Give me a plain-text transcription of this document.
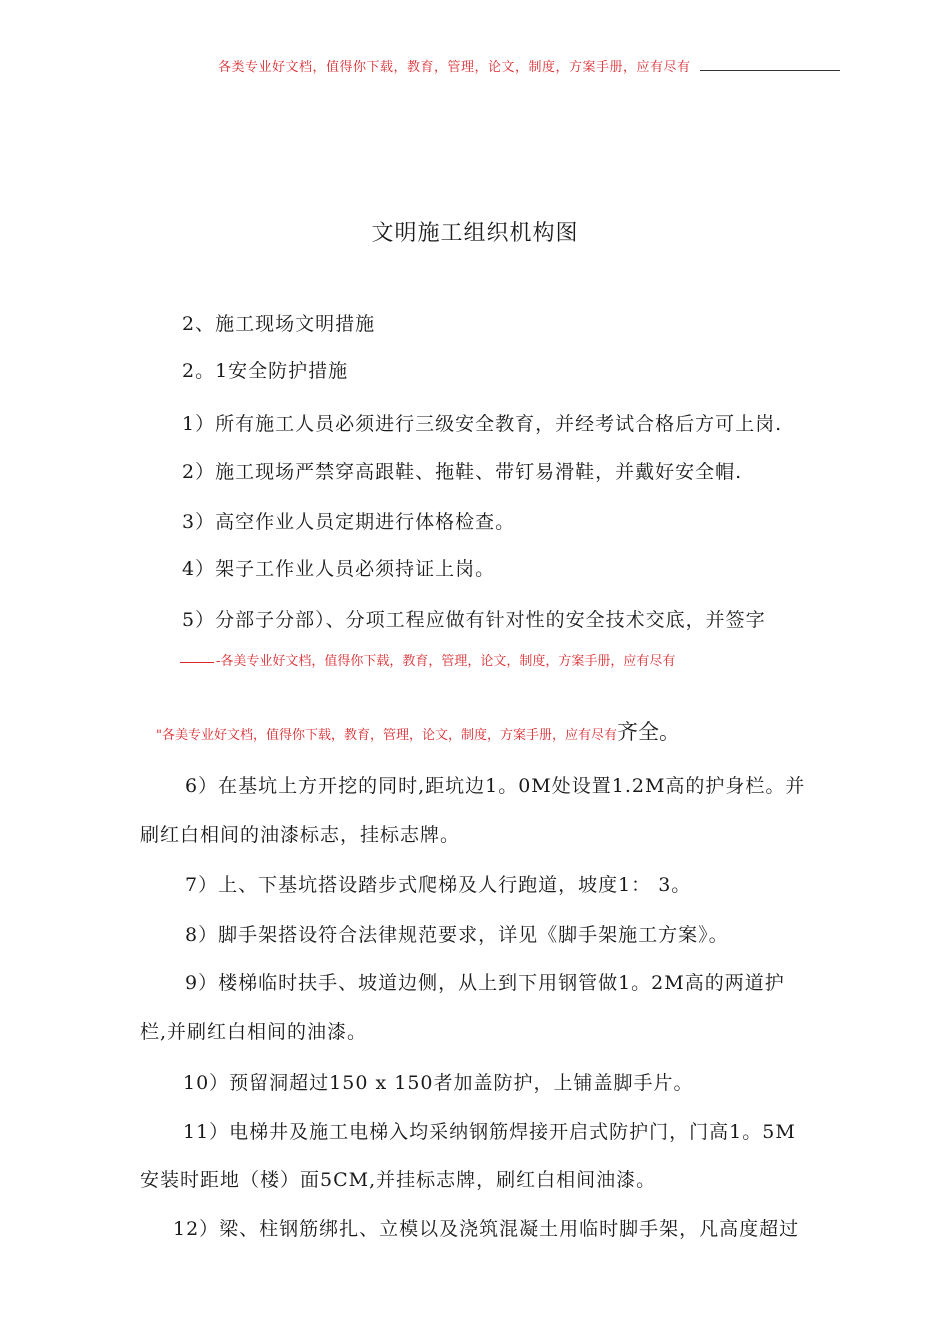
各类专业好文档，值得你下载，教育，管理，论文，制度，方案手册，应有尽有
文明施工组织机构图
2、施工现场文明措施
2。1安全防护措施
1）所有施工人员必须进行三级安全教育，并经考试合格后方可上岗.
2）施工现场严禁穿高跟鞋、拖鞋、带钉易滑鞋，并戴好安全帽.
3）高空作业人员定期进行体格检查。
4）架子工作业人员必须持证上岗。
5）分部子分部）、分项工程应做有针对性的安全技术交底，并签字
-各美专业好文档，值得你下载，教育，管理，论文，制度，方案手册，应有尽有
"各美专业好文档，值得你下载，教育，管理，论文，制度，方案手册，应有尽有齐全。
6）在基坑上方开挖的同时,距坑边1。0M处设置1.2M高的护身栏。并
刷红白相间的油漆标志，挂标志牌。
7）上、下基坑搭设踏步式爬梯及人行跑道，坡度1： 3。
8）脚手架搭设符合法律规范要求，详见《脚手架施工方案》。
9）楼梯临时扶手、坡道边侧，从上到下用钢管做1。2M高的两道护
栏,并刷红白相间的油漆。
10）预留洞超过150 x 150者加盖防护，上铺盖脚手片。
11）电梯井及施工电梯入均采纳钢筋焊接开启式防护门，门高1。5M
安装时距地（楼）面5CM,并挂标志牌，刷红白相间油漆。
12）梁、柱钢筋绑扎、立模以及浇筑混凝土用临时脚手架，凡高度超过
